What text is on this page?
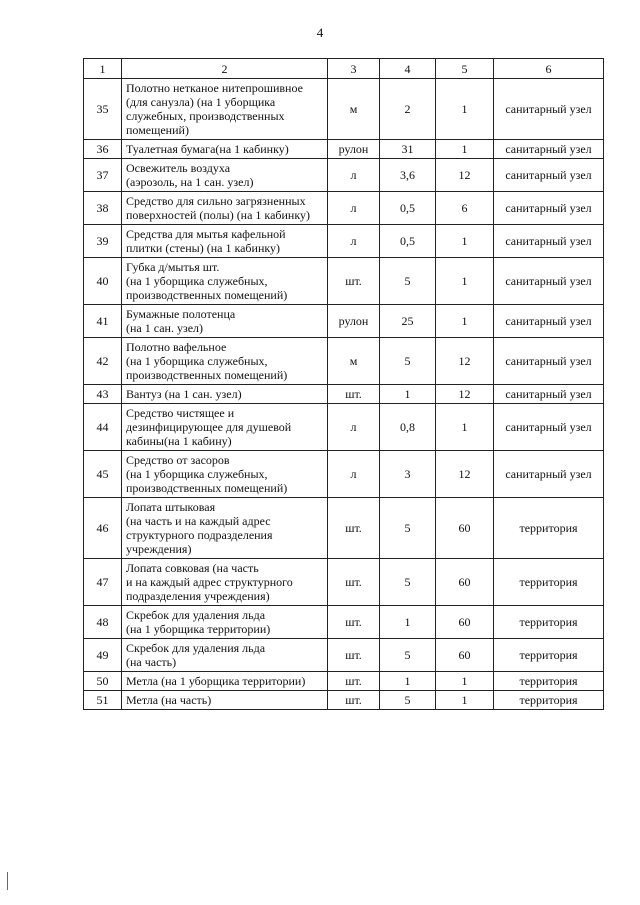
4
1	2	3	4	5	6
35	Полотно нетканое нитепрошивное
(для санузла) (на 1 уборщика
служебных, производственных
помещений)	м	2	1	санитарный узел
36	Туалетная бумага(на 1 кабинку)	рулон	31	1	санитарный узел
37	Освежитель воздуха
(аэрозоль, на 1 сан. узел)	л	3,6	12	санитарный узел
38	Средство для сильно загрязненных
поверхностей (полы) (на 1 кабинку)	л	0,5	6	санитарный узел
39	Средства для мытья кафельной
плитки (стены) (на 1 кабинку)	л	0,5	1	санитарный узел
40	Губка д/мытья шт.
(на 1 уборщика служебных,
производственных помещений)	шт.	5	1	санитарный узел
41	Бумажные полотенца
(на 1 сан. узел)	рулон	25	1	санитарный узел
42	Полотно вафельное
(на 1 уборщика служебных,
производственных помещений)	м	5	12	санитарный узел
43	Вантуз (на 1 сан. узел)	шт.	1	12	санитарный узел
44	Средство чистящее и
дезинфицирующее для душевой
кабины(на 1 кабину)	л	0,8	1	санитарный узел
45	Средство от засоров
(на 1 уборщика служебных,
производственных помещений)	л	3	12	санитарный узел
46	Лопата штыковая
(на часть и на каждый адрес
структурного подразделения
учреждения)	шт.	5	60	территория
47	Лопата совковая (на часть
и на каждый адрес структурного
подразделения учреждения)	шт.	5	60	территория
48	Скребок для удаления льда
(на 1 уборщика территории)	шт.	1	60	территория
49	Скребок для удаления льда
(на часть)	шт.	5	60	территория
50	Метла (на 1 уборщика территории)	шт.	1	1	территория
51	Метла (на часть)	шт.	5	1	территория
